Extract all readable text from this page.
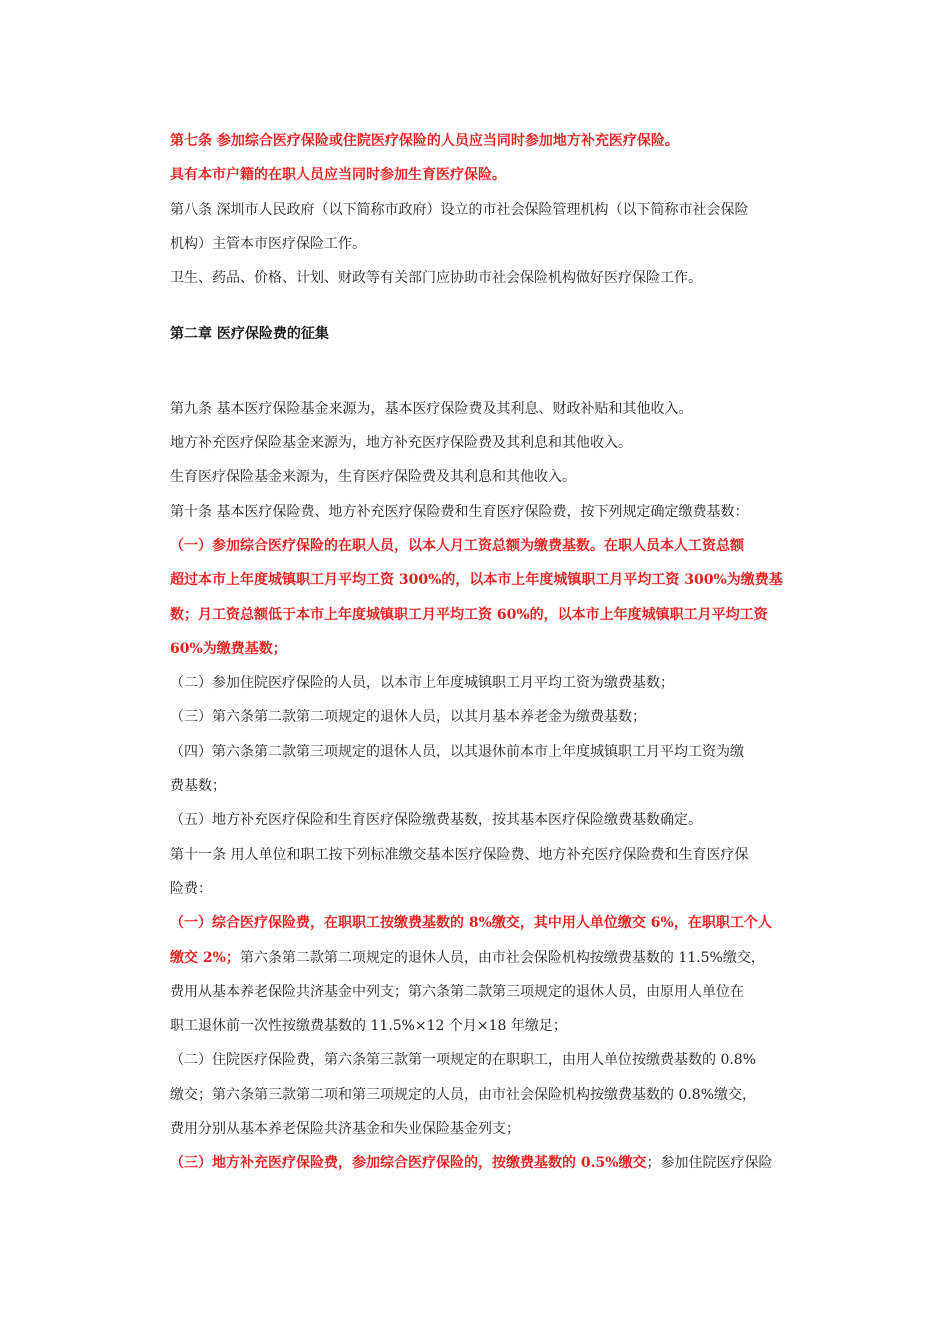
第七条 参加综合医疗保险或住院医疗保险的人员应当同时参加地方补充医疗保险。
具有本市户籍的在职人员应当同时参加生育医疗保险。
第八条 深圳市人民政府（以下简称市政府）设立的市社会保险管理机构（以下简称市社会保险
机构）主管本市医疗保险工作。
卫生、药品、价格、计划、财政等有关部门应协助市社会保险机构做好医疗保险工作。
第二章 医疗保险费的征集
第九条 基本医疗保险基金来源为，基本医疗保险费及其利息、财政补贴和其他收入。
地方补充医疗保险基金来源为，地方补充医疗保险费及其利息和其他收入。
生育医疗保险基金来源为，生育医疗保险费及其利息和其他收入。
第十条 基本医疗保险费、地方补充医疗保险费和生育医疗保险费，按下列规定确定缴费基数：
（一）参加综合医疗保险的在职人员，以本人月工资总额为缴费基数。在职人员本人工资总额
超过本市上年度城镇职工月平均工资 300%的，以本市上年度城镇职工月平均工资 300%为缴费基
数；月工资总额低于本市上年度城镇职工月平均工资 60%的，以本市上年度城镇职工月平均工资
60%为缴费基数；
（二）参加住院医疗保险的人员，以本市上年度城镇职工月平均工资为缴费基数；
（三）第六条第二款第二项规定的退休人员，以其月基本养老金为缴费基数；
（四）第六条第二款第三项规定的退休人员，以其退休前本市上年度城镇职工月平均工资为缴
费基数；
（五）地方补充医疗保险和生育医疗保险缴费基数，按其基本医疗保险缴费基数确定。
第十一条 用人单位和职工按下列标准缴交基本医疗保险费、地方补充医疗保险费和生育医疗保
险费：
（一）综合医疗保险费，在职职工按缴费基数的 8%缴交，其中用人单位缴交 6%，在职职工个人
缴交 2%；第六条第二款第二项规定的退休人员，由市社会保险机构按缴费基数的 11.5%缴交，
费用从基本养老保险共济基金中列支；第六条第二款第三项规定的退休人员，由原用人单位在
职工退休前一次性按缴费基数的 11.5%×12 个月×18 年缴足；
（二）住院医疗保险费，第六条第三款第一项规定的在职职工，由用人单位按缴费基数的 0.8%
缴交；第六条第三款第二项和第三项规定的人员，由市社会保险机构按缴费基数的 0.8%缴交，
费用分别从基本养老保险共济基金和失业保险基金列支；
（三）地方补充医疗保险费，参加综合医疗保险的，按缴费基数的 0.5%缴交；参加住院医疗保险
